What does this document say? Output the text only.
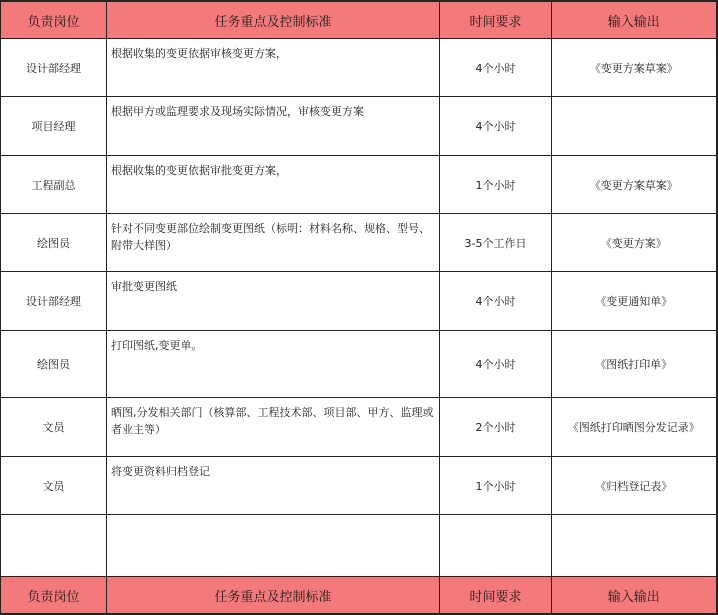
负责岗位	任务重点及控制标准	时间要求	输入输出
设计部经理	根据收集的变更依据审核变更方案，	4个小时	《变更方案草案》
项目经理	根据甲方或监理要求及现场实际情况，审核变更方案	4个小时	
工程副总	根据收集的变更依据审批变更方案，	1个小时	《变更方案草案》
绘图员	针对不同变更部位绘制变更图纸（标明：材料名称、规格、型号、附带大样图）	3-5个工作日	《变更方案》
设计部经理	审批变更图纸	4个小时	《变更通知单》
绘图员	打印图纸,变更单。	4个小时	《图纸打印单》
文员	晒图,分发相关部门（核算部、工程技术部、项目部、甲方、监理或者业主等）	2个小时	《图纸打印晒图分发记录》
文员	将变更资料归档登记	1个小时	《归档登记表》

负责岗位	任务重点及控制标准	时间要求	输入输出
